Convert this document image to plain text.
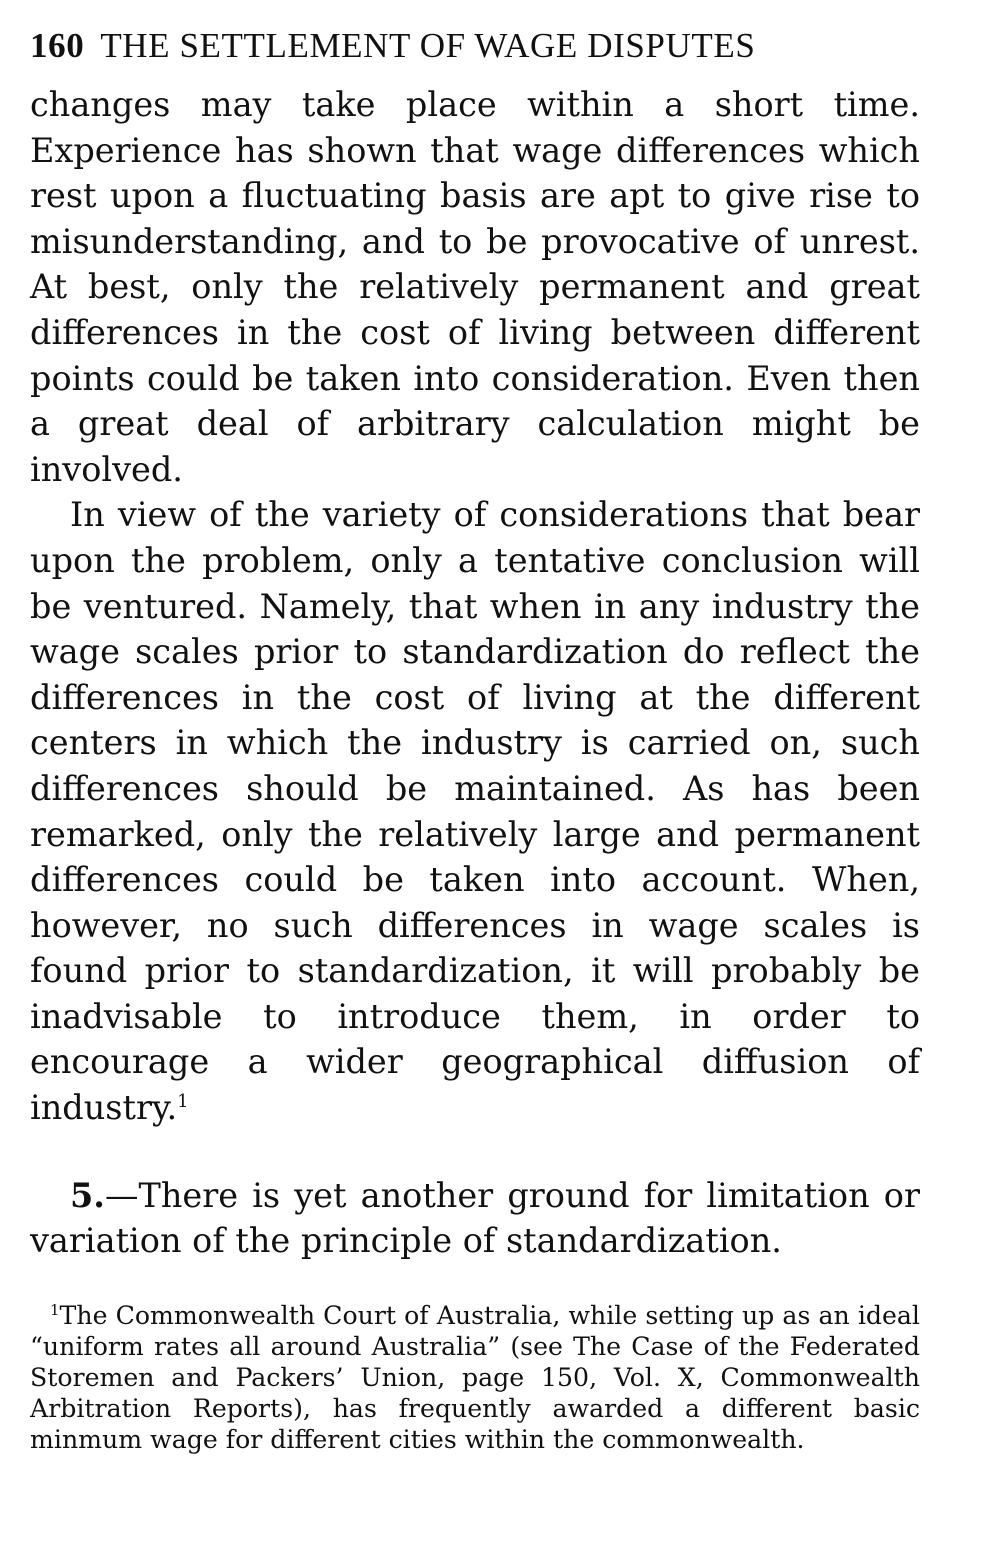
160 THE SETTLEMENT OF WAGE DISPUTES

changes may take place within a short time. Experience has shown that wage differences which rest upon a fluctuating basis are apt to give rise to misunderstanding, and to be provocative of unrest. At best, only the relatively permanent and great differences in the cost of living between different points could be taken into consideration. Even then a great deal of arbitrary calculation might be involved.

In view of the variety of considerations that bear upon the problem, only a tentative conclusion will be ventured. Namely, that when in any industry the wage scales prior to standardization do reflect the differences in the cost of living at the different centers in which the industry is carried on, such differences should be maintained. As has been remarked, only the relatively large and permanent differences could be taken into account. When, however, no such differences in wage scales is found prior to standardization, it will probably be inadvisable to introduce them, in order to encourage a wider geographical diffusion of industry.$^1$

5.—There is yet another ground for limitation or variation of the principle of standardization.

$^1$The Commonwealth Court of Australia, while setting up as an ideal “uniform rates all around Australia” (see The Case of the Federated Storemen and Packers’ Union, page 150, Vol. X, Commonwealth Arbitration Reports), has frequently awarded a different basic minmum wage for different cities within the commonwealth.
